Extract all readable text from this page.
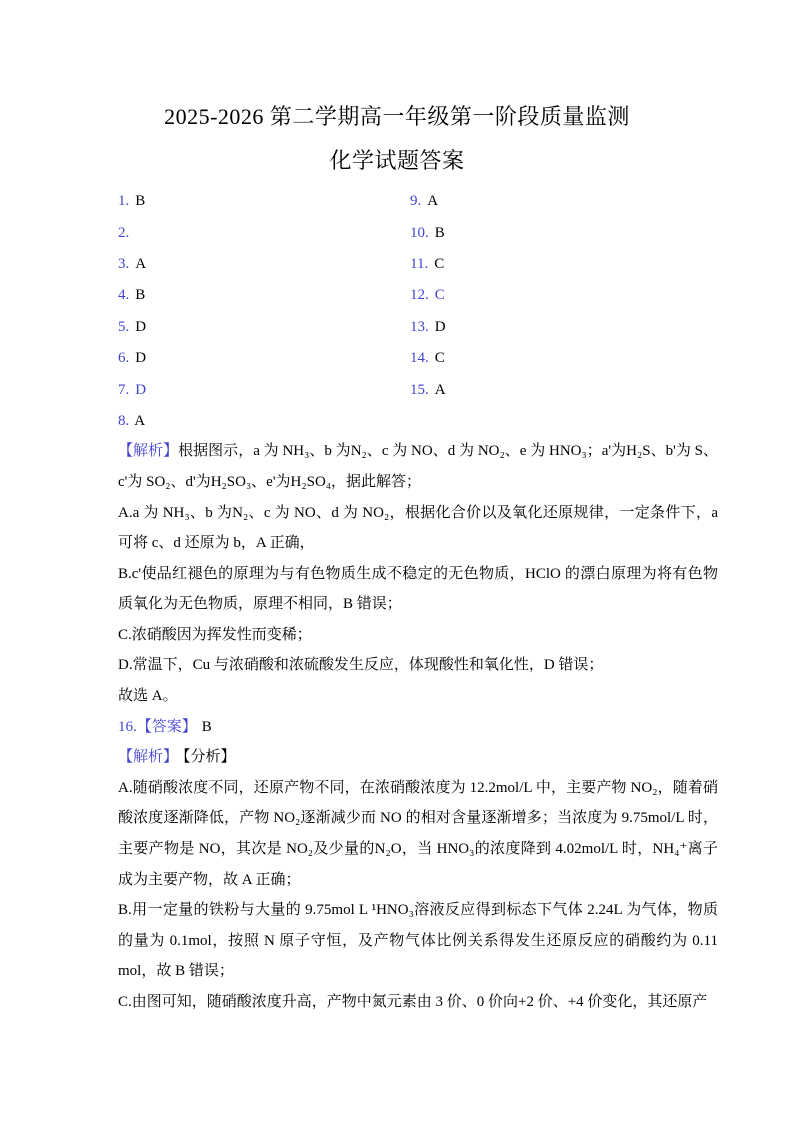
2025-2026 第二学期高一年级第一阶段质量监测
化学试题答案
1. B	9. A
2.	10. B
3. A	11. C
4. B	12. C
5. D	13. D
6. D	14. C
7. D	15. A

8. A

【解析】根据图示，a 为 NH₃、b 为N₂、c 为 NO、d 为 NO₂、e 为 HNO₃；a'为H₂S、b'为 S、c'为 SO₂、d'为H₂SO₃、e'为H₂SO₄，据此解答；

A.a 为 NH₃、b 为N₂、c 为 NO、d 为 NO₂，根据化合价以及氧化还原规律，一定条件下，a可将 c、d 还原为 b，A 正确，

B.c'使品红褪色的原理为与有色物质生成不稳定的无色物质，HClO 的漂白原理为将有色物质氧化为无色物质，原理不相同，B 错误；

C.浓硝酸因为挥发性而变稀；

D.常温下，Cu 与浓硝酸和浓硫酸发生反应，体现酸性和氧化性，D 错误；

故选 A。

16.【答案】 B

【解析】 【分析】

A.随硝酸浓度不同，还原产物不同，在浓硝酸浓度为 12.2mol/L 中，主要产物 NO₂，随着硝酸浓度逐渐降低，产物 NO₂逐渐减少而 NO 的相对含量逐渐增多；当浓度为 9.75mol/L 时，主要产物是 NO，其次是 NO₂及少量的N₂O，当 HNO₃的浓度降到 4.02mol/L 时，NH₄⁺离子成为主要产物，故 A 正确；

B.用一定量的铁粉与大量的 9.75mol L ¹HNO₃溶液反应得到标态下气体 2.24L 为气体，物质的量为 0.1mol，按照 N 原子守恒，及产物气体比例关系得发生还原反应的硝酸约为 0.11 mol，故 B 错误；

C.由图可知，随硝酸浓度升高，产物中氮元素由 3 价、0 价向+2 价、+4 价变化，其还原产
